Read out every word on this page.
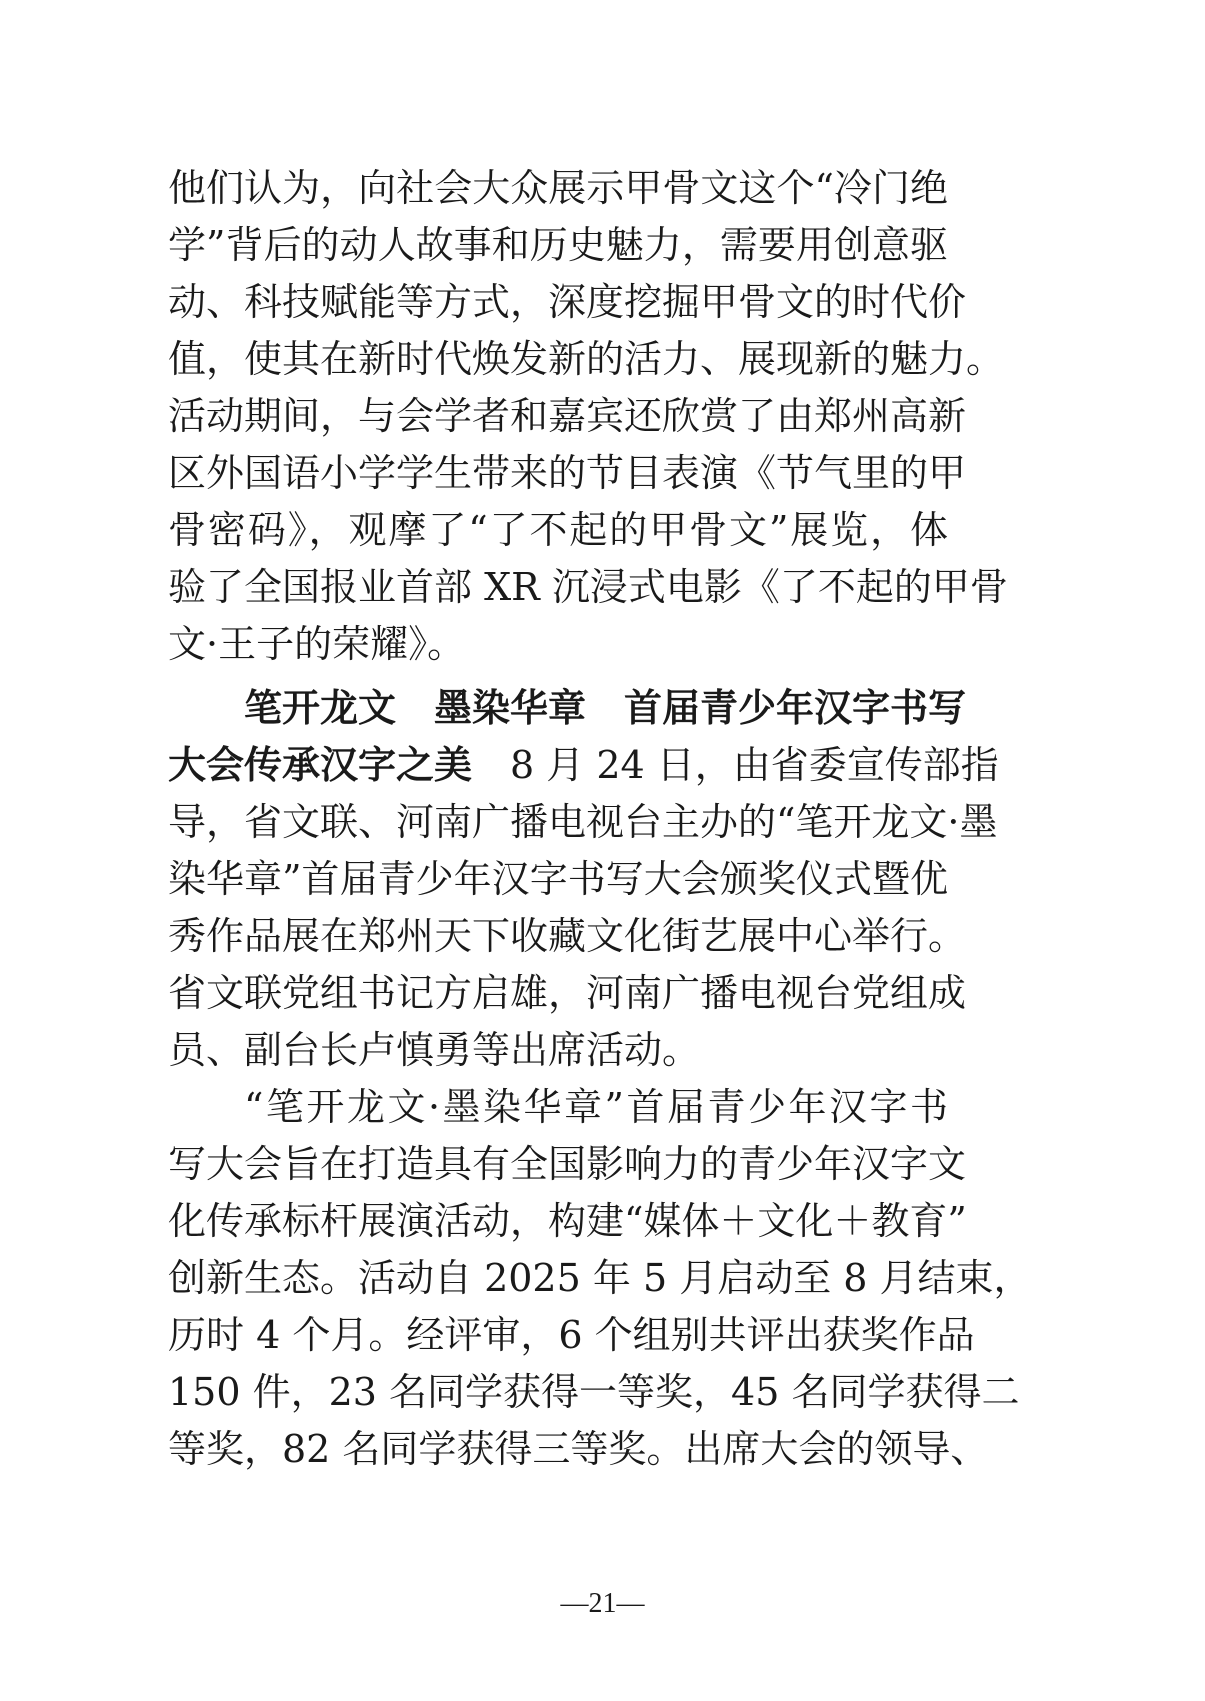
他们认为，向社会大众展示甲骨文这个“冷门绝
学”背后的动人故事和历史魅力，需要用创意驱
动、科技赋能等方式，深度挖掘甲骨文的时代价
值，使其在新时代焕发新的活力、展现新的魅力。
活动期间，与会学者和嘉宾还欣赏了由郑州高新
区外国语小学学生带来的节目表演《节气里的甲
骨密码》，观摩了“了不起的甲骨文”展览，体
验了全国报业首部 XR 沉浸式电影《了不起的甲骨
文·王子的荣耀》。
笔开龙文　墨染华章　首届青少年汉字书写
大会传承汉字之美　8 月 24 日，由省委宣传部指
导，省文联、河南广播电视台主办的“笔开龙文·墨
染华章”首届青少年汉字书写大会颁奖仪式暨优
秀作品展在郑州天下收藏文化街艺展中心举行。
省文联党组书记方启雄，河南广播电视台党组成
员、副台长卢慎勇等出席活动。
“笔开龙文·墨染华章”首届青少年汉字书
写大会旨在打造具有全国影响力的青少年汉字文
化传承标杆展演活动，构建“媒体＋文化＋教育”
创新生态。活动自 2025 年 5 月启动至 8 月结束，
历时 4 个月。经评审，6 个组别共评出获奖作品
150 件，23 名同学获得一等奖，45 名同学获得二
等奖，82 名同学获得三等奖。出席大会的领导、
—21—
